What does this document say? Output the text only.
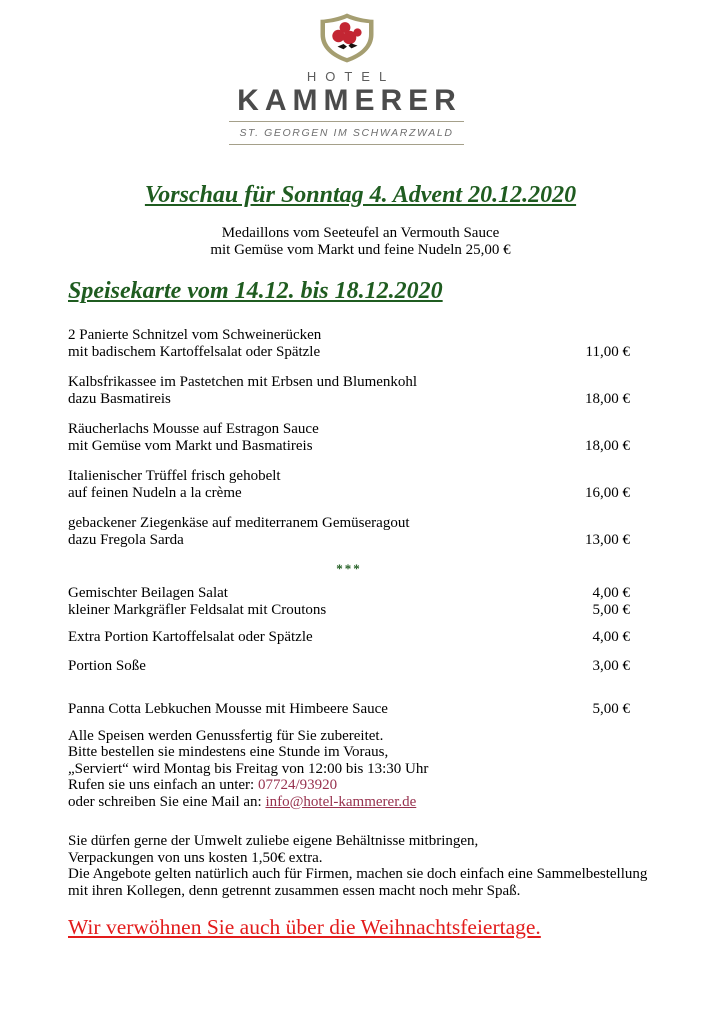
HOTEL
KAMMERER
ST. GEORGEN IM SCHWARZWALD
Vorschau für Sonntag 4. Advent 20.12.2020
Medaillons vom Seeteufel an Vermouth Sauce
mit Gemüse vom Markt und feine Nudeln 25,00 €
Speisekarte vom 14.12. bis 18.12.2020
2 Panierte Schnitzel vom Schweinerücken
mit badischem Kartoffelsalat oder Spätzle	11,00 €
Kalbsfrikassee im Pastetchen mit Erbsen und Blumenkohl
dazu Basmatireis	18,00 €
Räucherlachs Mousse auf Estragon Sauce
mit Gemüse vom Markt und Basmatireis	18,00 €
Italienischer Trüffel frisch gehobelt
auf feinen Nudeln a la crème	16,00 €
gebackener Ziegenkäse auf mediterranem Gemüseragout
dazu Fregola Sarda	13,00 €
***
Gemischter Beilagen Salat	4,00 €
kleiner Markgräfler Feldsalat mit Croutons	5,00 €
Extra Portion Kartoffelsalat oder Spätzle	4,00 €
Portion Soße	3,00 €
Panna Cotta Lebkuchen Mousse mit Himbeere Sauce	5,00 €
Alle Speisen werden Genussfertig für Sie zubereitet.
Bitte bestellen sie mindestens eine Stunde im Voraus,
„Serviert“ wird Montag bis Freitag von 12:00 bis 13:30 Uhr
Rufen sie uns einfach an unter: 07724/93920
oder schreiben Sie eine Mail an: info@hotel-kammerer.de
Sie dürfen gerne der Umwelt zuliebe eigene Behältnisse mitbringen,
Verpackungen von uns kosten 1,50€ extra.
Die Angebote gelten natürlich auch für Firmen, machen sie doch einfach eine Sammelbestellung
mit ihren Kollegen, denn getrennt zusammen essen macht noch mehr Spaß.
Wir verwöhnen Sie auch über die Weihnachtsfeiertage.
